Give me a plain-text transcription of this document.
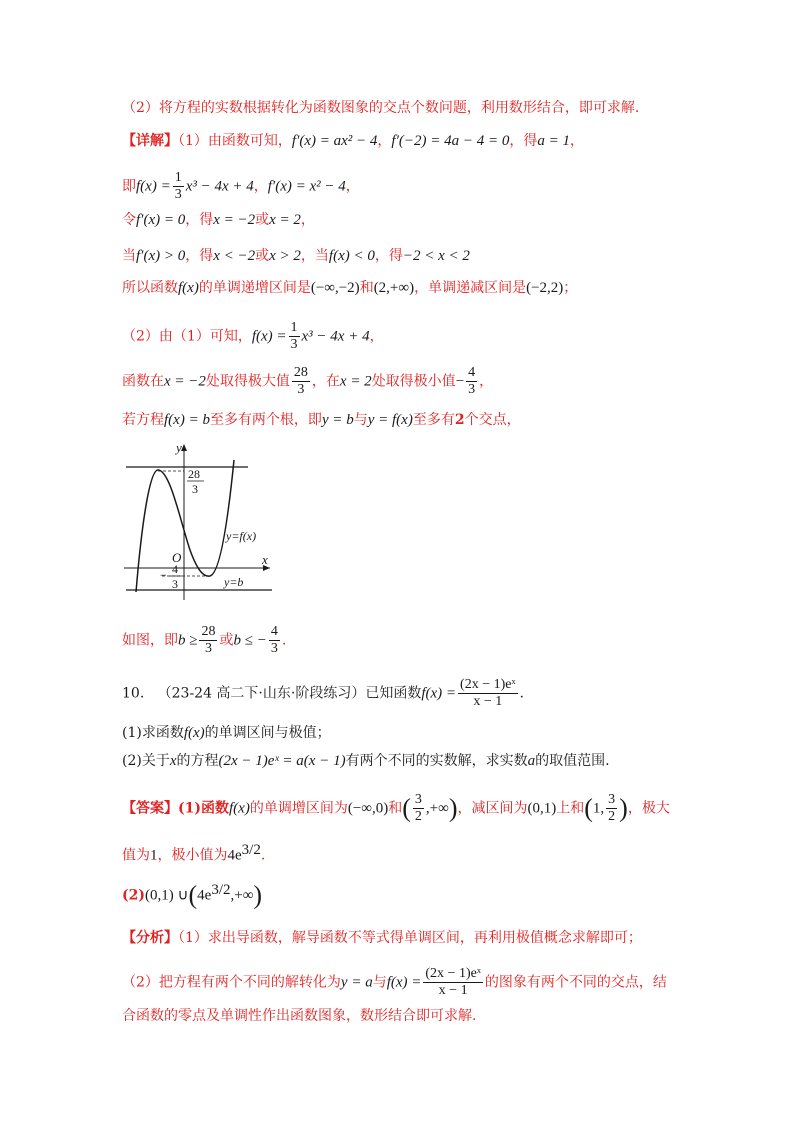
（2）将方程的实数根据转化为函数图象的交点个数问题，利用数形结合，即可求解.
【详解】（1）由函数可知，f′(x) = ax² − 4，f′(−2) = 4a − 4 = 0，得a = 1，
即$f(x) = \frac{1}{3} x^3 - 4x + 4$，f′(x) = x² − 4，
令f′(x) = 0，得x = −2或x = 2，
当f′(x) > 0，得x < −2或x > 2，当f(x) < 0，得−2 < x < 2
所以函数f(x)的单调递增区间是(−∞,−2)和(2,+∞)，单调递减区间是(−2,2)；
（2）由（1）可知，$f(x) = \frac{1}{3} x^3 - 4x + 4$，
函数在x = −2处取得极大值 $\frac{28}{3}$ ，在x = 2处取得极小值− $\frac{4}{3}$ ，
若方程f(x) = b至多有两个根，即y = b与y = f(x)至多有2个交点，
y
x
O
28
3
− 4
3
y=f(x)
y=b
如图，即$b \ge \frac{28}{3}$ 或b ≤ − $\frac{4}{3}$ .
10. （23-24 高二下·山东·阶段练习）已知函数$f(x) = \frac{\text{(2x − 1)eˣ}}{x - 1}$ .
(1)求函数f(x)的单调区间与极值；
(2)关于x的方程(2x − 1)eˣ = a(x − 1)有两个不同的实数解，求实数a的取值范围.
【答案】(1)函数f(x)的单调增区间为(−∞,0)和( $\frac{3}{2}$ ,+∞)，减区间为(0,1)上和(1, $\frac{3}{2}$ )，极大
值为1，极小值为$4e^{3/2}$.
(2)(0,1) $\cup(4e^{3/2},+\infty)$
【分析】（1）求出导函数，解导函数不等式得单调区间，再利用极值概念求解即可；
（2）把方程有两个不同的解转化为y = a与$f(x) = \frac{\text{(2x − 1)eˣ}}{x - 1}$ 的图象有两个不同的交点，结
合函数的零点及单调性作出函数图象，数形结合即可求解.
